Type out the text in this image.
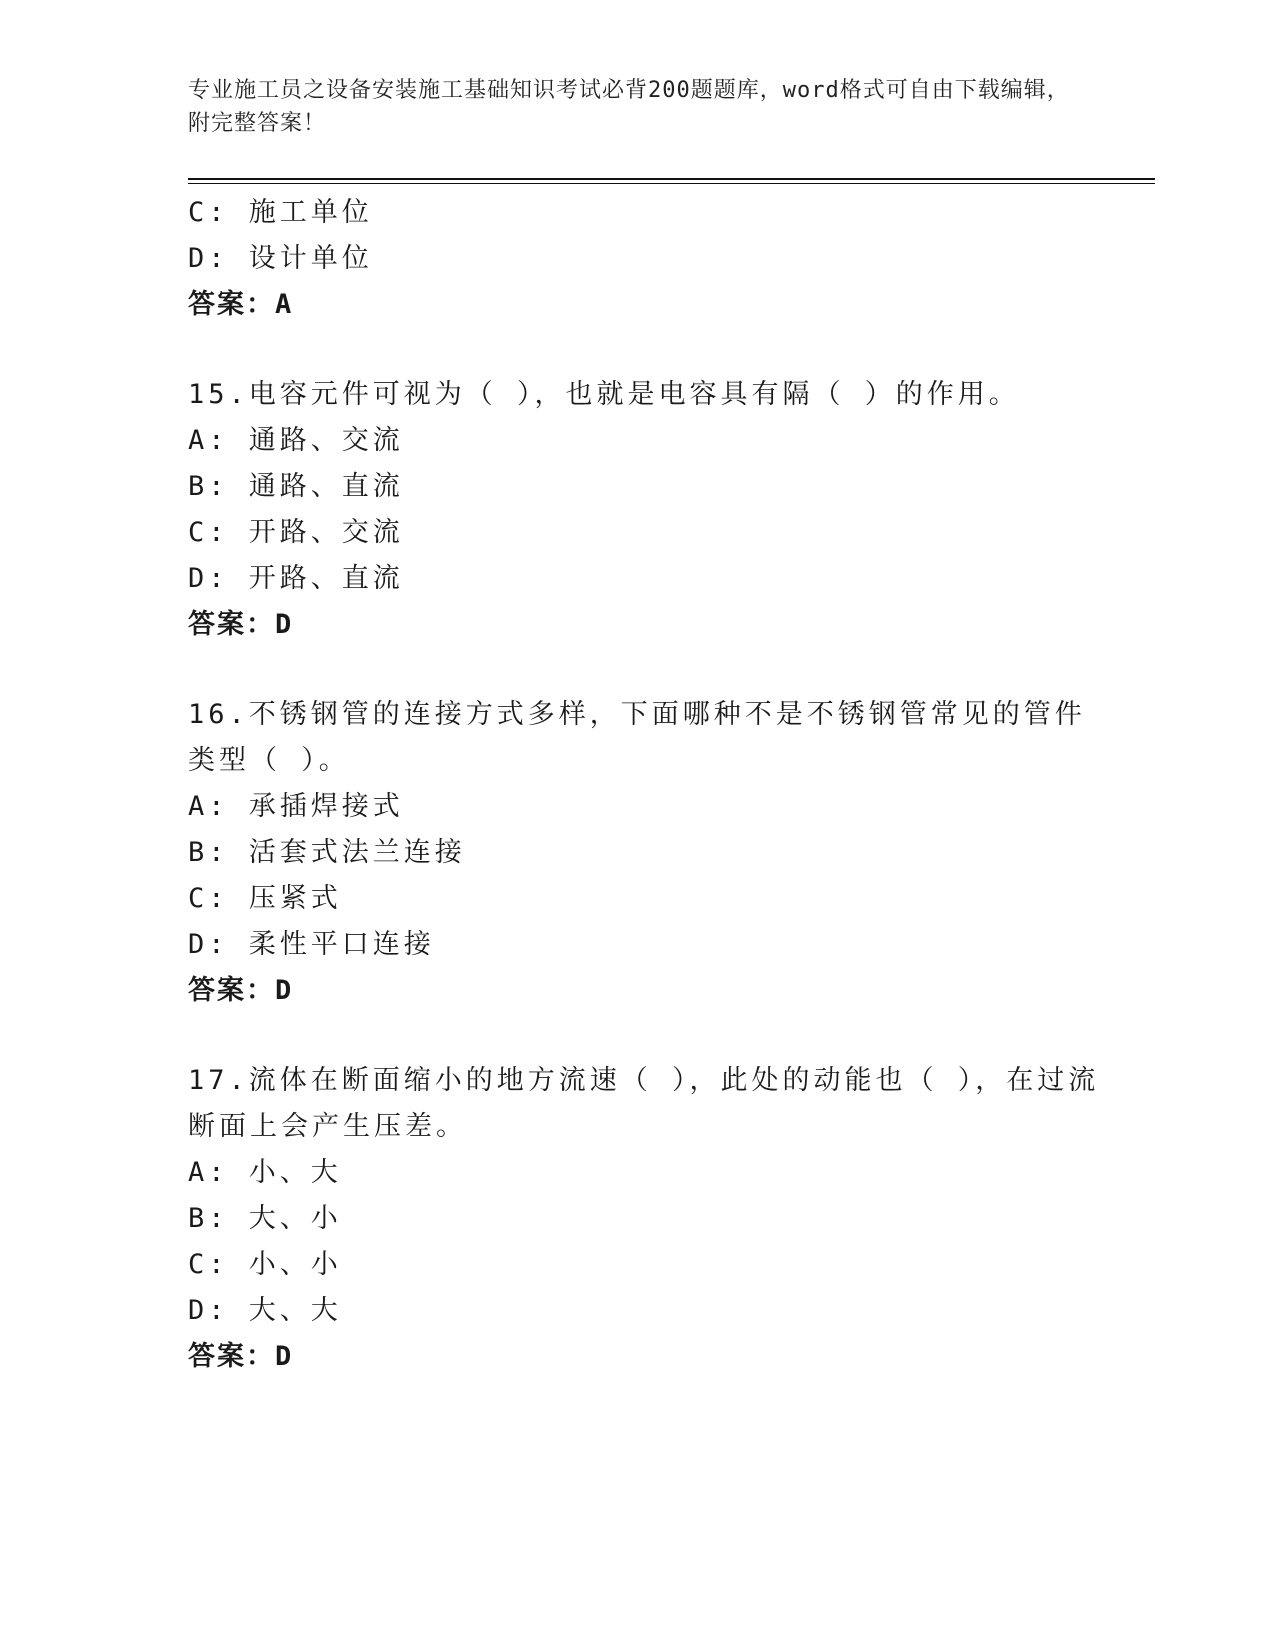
专业施工员之设备安装施工基础知识考试必背200题题库，word格式可自由下载编辑，附完整答案！
C: 施工单位
D: 设计单位
答案：A
15.电容元件可视为（ ），也就是电容具有隔（ ）的作用。
A: 通路、交流
B: 通路、直流
C: 开路、交流
D: 开路、直流
答案：D
16.不锈钢管的连接方式多样，下面哪种不是不锈钢管常见的管件类型（ ）。
A: 承插焊接式
B: 活套式法兰连接
C: 压紧式
D: 柔性平口连接
答案：D
17.流体在断面缩小的地方流速（ ），此处的动能也（ ），在过流断面上会产生压差。
A: 小、大
B: 大、小
C: 小、小
D: 大、大
答案：D
